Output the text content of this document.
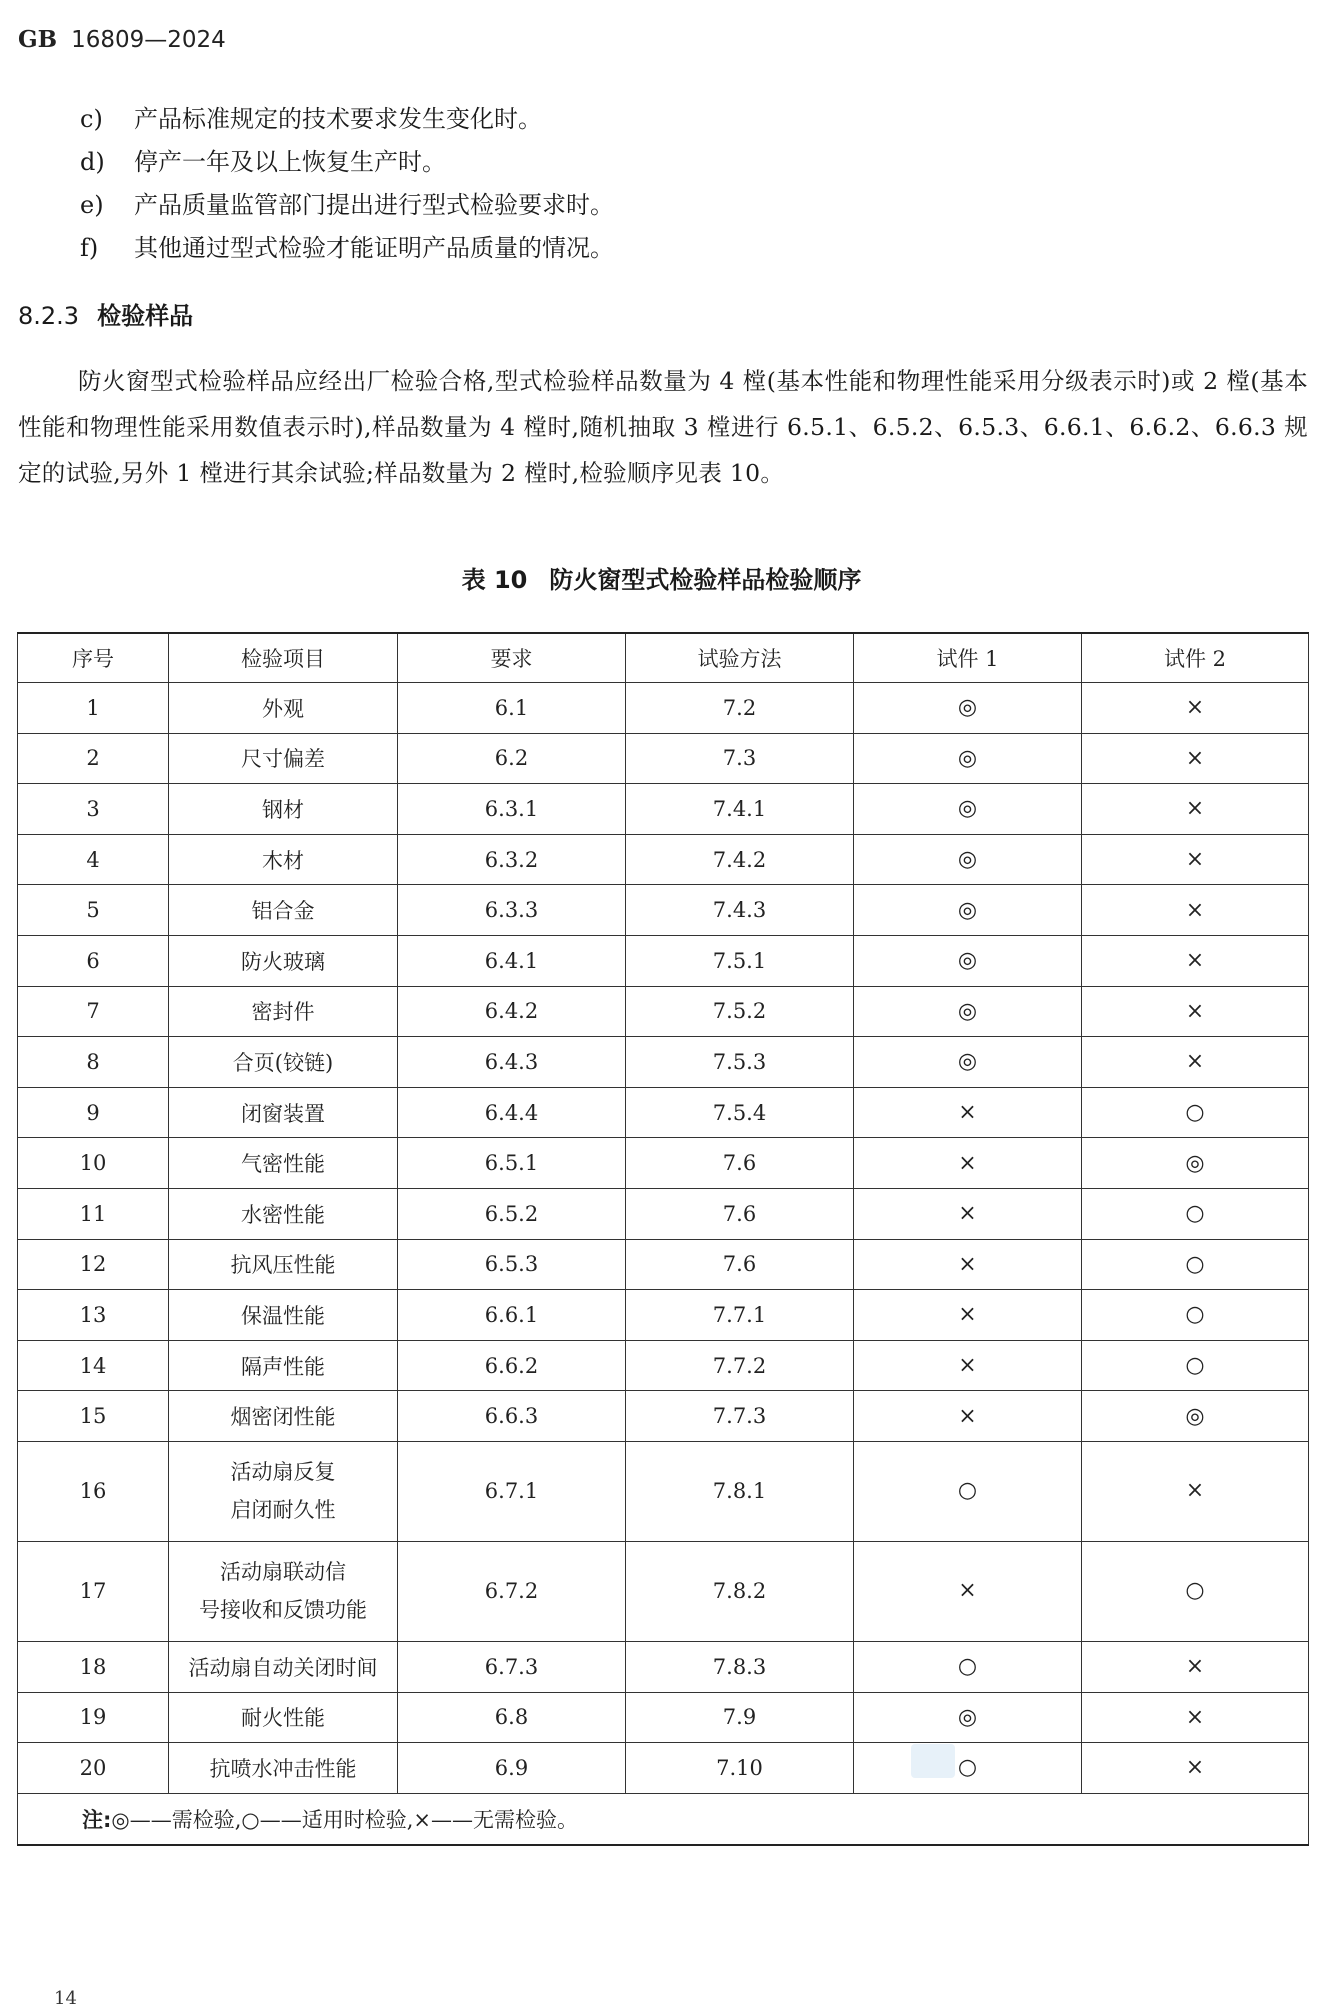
GB 16809—2024
c) 产品标准规定的技术要求发生变化时。
d) 停产一年及以上恢复生产时。
e) 产品质量监管部门提出进行型式检验要求时。
f) 其他通过型式检验才能证明产品质量的情况。
8.2.3 检验样品
防火窗型式检验样品应经出厂检验合格,型式检验样品数量为 4 樘(基本性能和物理性能采用分级表示时)或 2 樘(基本性能和物理性能采用数值表示时),样品数量为 4 樘时,随机抽取 3 樘进行 6.5.1、6.5.2、6.5.3、6.6.1、6.6.2、6.6.3 规定的试验,另外 1 樘进行其余试验;样品数量为 2 樘时,检验顺序见表 10。
表 10 防火窗型式检验样品检验顺序
序号	检验项目	要求	试验方法	试件 1	试件 2
1	外观	6.1	7.2	◎	×
2	尺寸偏差	6.2	7.3	◎	×
3	钢材	6.3.1	7.4.1	◎	×
4	木材	6.3.2	7.4.2	◎	×
5	铝合金	6.3.3	7.4.3	◎	×
6	防火玻璃	6.4.1	7.5.1	◎	×
7	密封件	6.4.2	7.5.2	◎	×
8	合页(铰链)	6.4.3	7.5.3	◎	×
9	闭窗装置	6.4.4	7.5.4	×	○
10	气密性能	6.5.1	7.6	×	◎
11	水密性能	6.5.2	7.6	×	○
12	抗风压性能	6.5.3	7.6	×	○
13	保温性能	6.6.1	7.7.1	×	○
14	隔声性能	6.6.2	7.7.2	×	○
15	烟密闭性能	6.6.3	7.7.3	×	◎
16	活动扇反复
启闭耐久性	6.7.1	7.8.1	○	×
17	活动扇联动信
号接收和反馈功能	6.7.2	7.8.2	×	○
18	活动扇自动关闭时间	6.7.3	7.8.3	○	×
19	耐火性能	6.8	7.9	◎	×
20	抗喷水冲击性能	6.9	7.10	○	×
注:◎——需检验,○——适用时检验,×——无需检验。					
14
